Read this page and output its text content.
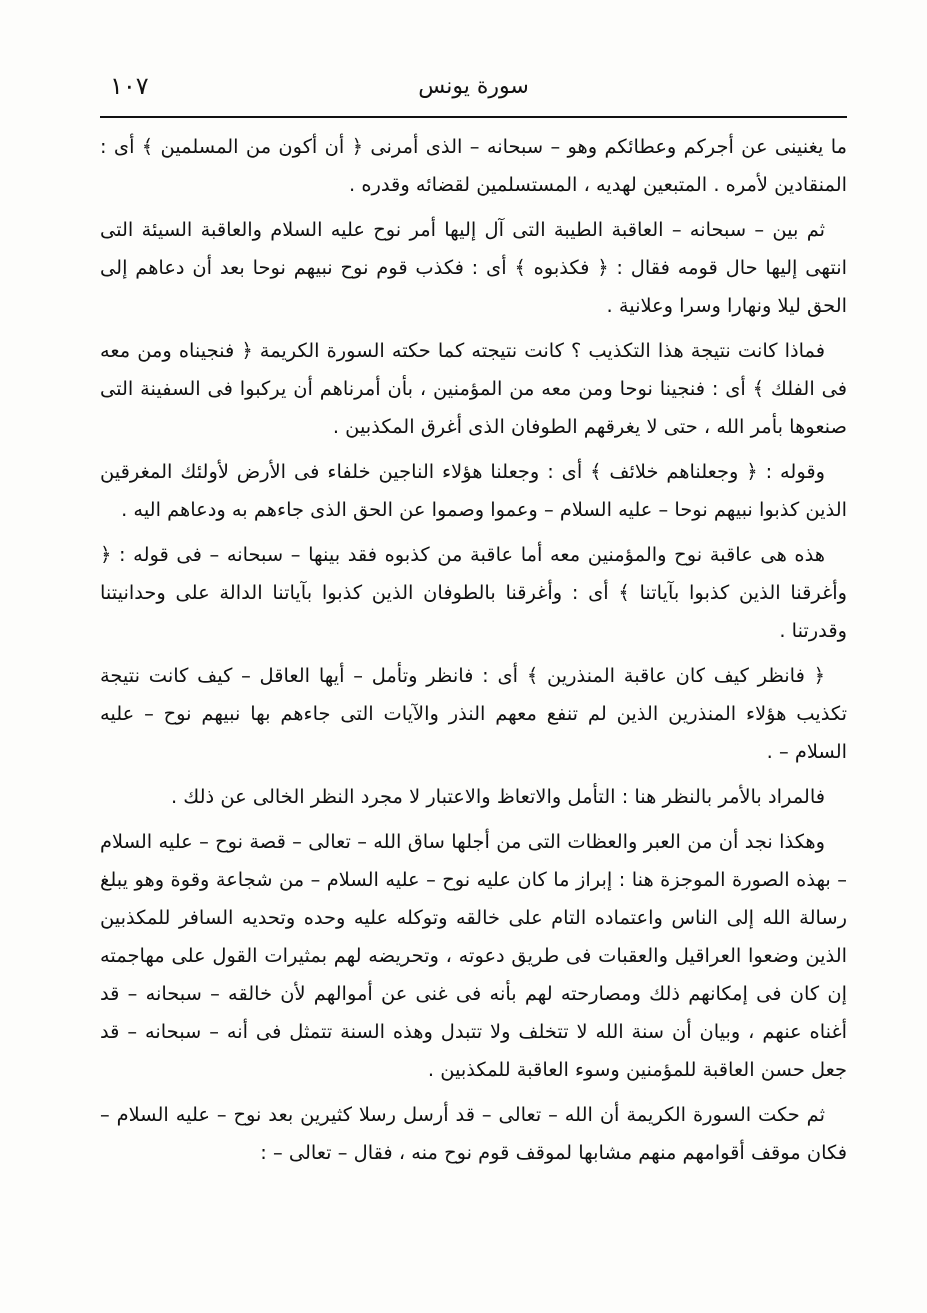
١٠٧	سورة يونس

ما يغنينى عن أجركم وعطائكم وهو – سبحانه – الذى أمرنى ﴿ أن أكون من المسلمين ﴾ أى : المنقادين لأمره . المتبعين لهديه ، المستسلمين لقضائه وقدره .

ثم بين – سبحانه – العاقبة الطيبة التى آل إليها أمر نوح عليه السلام والعاقبة السيئة التى انتهى إليها حال قومه فقال : ﴿ فكذبوه ﴾ أى : فكذب قوم نوح نبيهم نوحا بعد أن دعاهم إلى الحق ليلا ونهارا وسرا وعلانية .

فماذا كانت نتيجة هذا التكذيب ؟ كانت نتيجته كما حكته السورة الكريمة ﴿ فنجيناه ومن معه فى الفلك ﴾ أى : فنجينا نوحا ومن معه من المؤمنين ، بأن أمرناهم أن يركبوا فى السفينة التى صنعوها بأمر الله ، حتى لا يغرقهم الطوفان الذى أغرق المكذبين .

وقوله : ﴿ وجعلناهم خلائف ﴾ أى : وجعلنا هؤلاء الناجين خلفاء فى الأرض لأولئك المغرقين الذين كذبوا نبيهم نوحا – عليه السلام – وعموا وصموا عن الحق الذى جاءهم به ودعاهم اليه .

هذه هى عاقبة نوح والمؤمنين معه أما عاقبة من كذبوه فقد بينها – سبحانه – فى قوله : ﴿ وأغرقنا الذين كذبوا بآياتنا ﴾ أى : وأغرقنا بالطوفان الذين كذبوا بآياتنا الدالة على وحدانيتنا وقدرتنا .

﴿ فانظر كيف كان عاقبة المنذرين ﴾ أى : فانظر وتأمل – أيها العاقل – كيف كانت نتيجة تكذيب هؤلاء المنذرين الذين لم تنفع معهم النذر والآيات التى جاءهم بها نبيهم نوح – عليه السلام – .

فالمراد بالأمر بالنظر هنا : التأمل والاتعاظ والاعتبار لا مجرد النظر الخالى عن ذلك .

وهكذا نجد أن من العبر والعظات التى من أجلها ساق الله – تعالى – قصة نوح – عليه السلام – بهذه الصورة الموجزة هنا : إبراز ما كان عليه نوح – عليه السلام – من شجاعة وقوة وهو يبلغ رسالة الله إلى الناس واعتماده التام على خالقه وتوكله عليه وحده وتحديه السافر للمكذبين الذين وضعوا العراقيل والعقبات فى طريق دعوته ، وتحريضه لهم بمثيرات القول على مهاجمته إن كان فى إمكانهم ذلك ومصارحته لهم بأنه فى غنى عن أموالهم لأن خالقه – سبحانه – قد أغناه عنهم ، وبيان أن سنة الله لا تتخلف ولا تتبدل وهذه السنة تتمثل فى أنه – سبحانه – قد جعل حسن العاقبة للمؤمنين وسوء العاقبة للمكذبين .

ثم حكت السورة الكريمة أن الله – تعالى – قد أرسل رسلا كثيرين بعد نوح – عليه السلام – فكان موقف أقوامهم منهم مشابها لموقف قوم نوح منه ، فقال – تعالى – :
